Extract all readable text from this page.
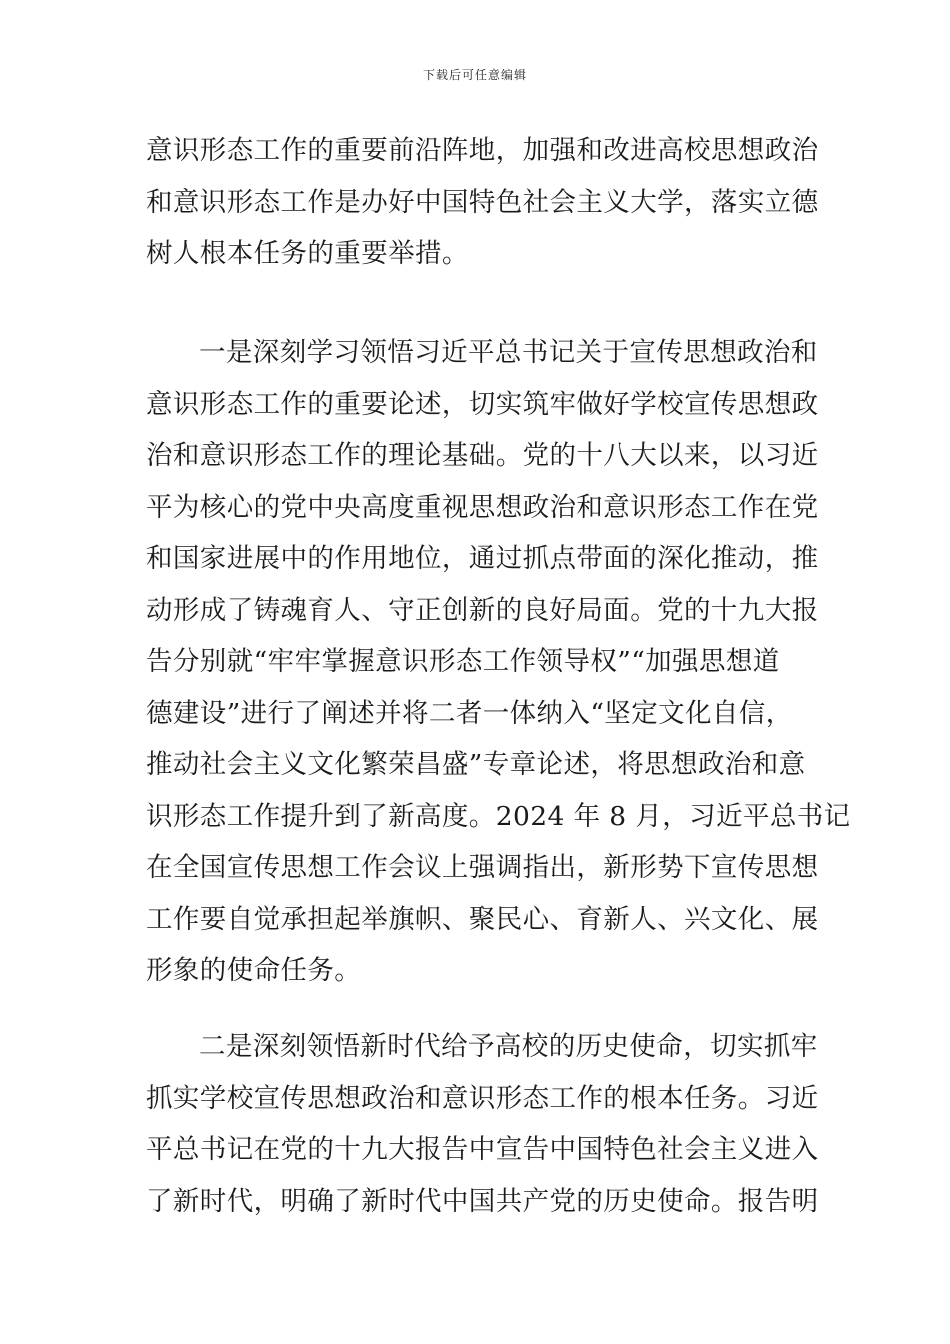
下载后可任意编辑
意识形态工作的重要前沿阵地，加强和改进高校思想政治
和意识形态工作是办好中国特色社会主义大学，落实立德
树人根本任务的重要举措。
一是深刻学习领悟习近平总书记关于宣传思想政治和
意识形态工作的重要论述，切实筑牢做好学校宣传思想政
治和意识形态工作的理论基础。党的十八大以来，以习近
平为核心的党中央高度重视思想政治和意识形态工作在党
和国家进展中的作用地位，通过抓点带面的深化推动，推
动形成了铸魂育人、守正创新的良好局面。党的十九大报
告分别就“牢牢掌握意识形态工作领导权”“加强思想道
德建设”进行了阐述并将二者一体纳入“坚定文化自信，
推动社会主义文化繁荣昌盛”专章论述，将思想政治和意
识形态工作提升到了新高度。2024 年 8 月，习近平总书记
在全国宣传思想工作会议上强调指出，新形势下宣传思想
工作要自觉承担起举旗帜、聚民心、育新人、兴文化、展
形象的使命任务。
二是深刻领悟新时代给予高校的历史使命，切实抓牢
抓实学校宣传思想政治和意识形态工作的根本任务。习近
平总书记在党的十九大报告中宣告中国特色社会主义进入
了新时代，明确了新时代中国共产党的历史使命。报告明
